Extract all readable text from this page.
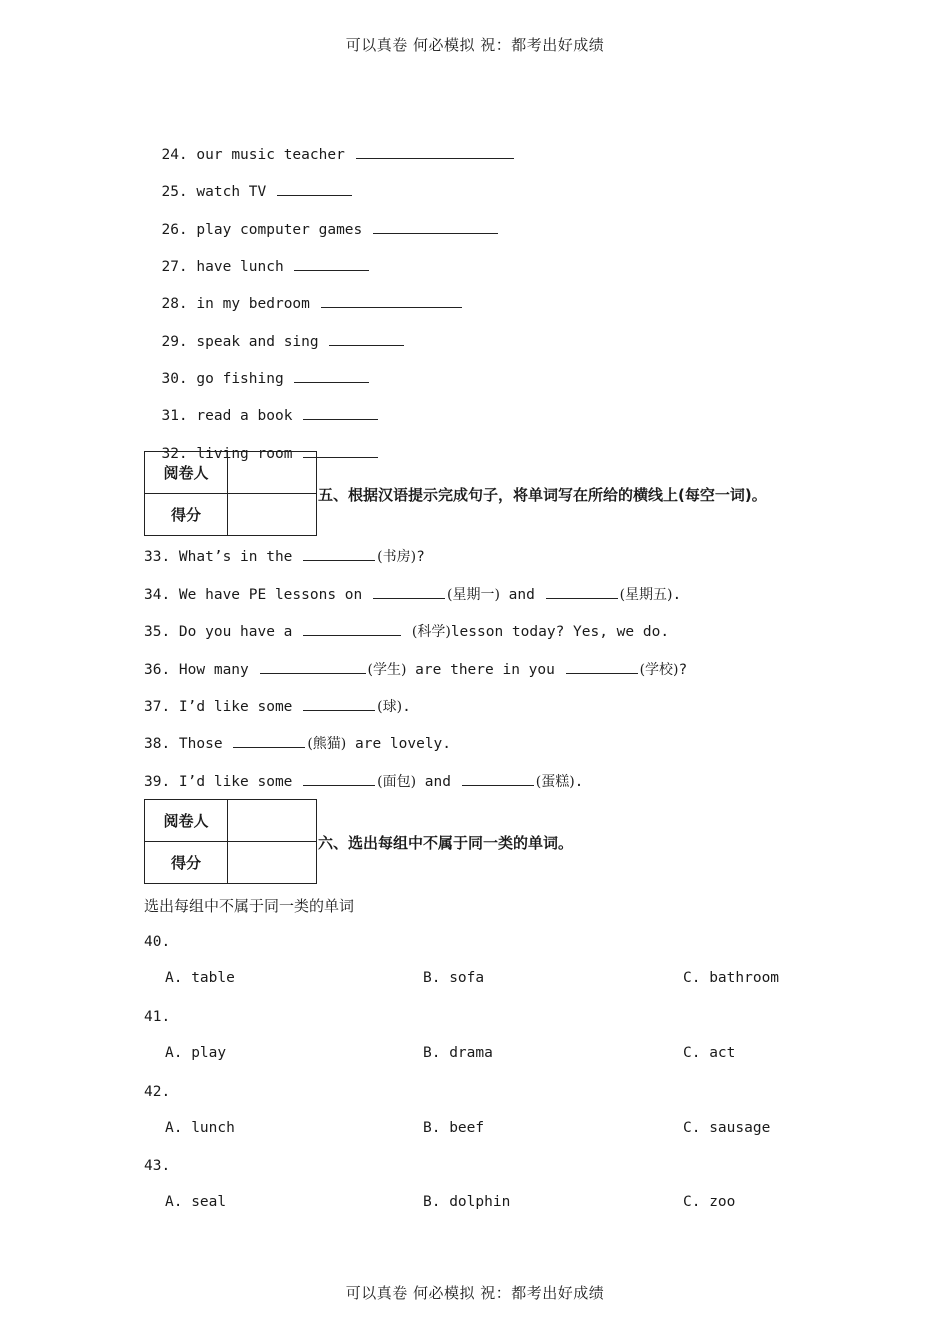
可以真卷 何必模拟 祝：都考出好成绩

24. our music teacher

25. watch TV

26. play computer games

27. have lunch

28. in my bedroom

29. speak and sing

30. go fishing

31. read a book

32. living room

阅卷人	
得分	
五、根据汉语提示完成句子，将单词写在所给的横线上(每空一词)。
33. What’s in the	(书房)?
34. We have PE lessons on	(星期一) and	(星期五).
35. Do you have a	(科学)lesson today? Yes, we do.
36. How many	(学生) are there in you	(学校)?
37. I’d like some	(球).
38. Those	(熊猫) are lovely.
39. I’d like some	(面包) and	(蛋糕).
阅卷人	
得分	
六、选出每组中不属于同一类的单词。
选出每组中不属于同一类的单词
40.
A. table	B. sofa	C. bathroom
41.
A. play	B. drama	C. act
42.
A. lunch	B. beef	C. sausage
43.
A. seal	B. dolphin	C. zoo
可以真卷 何必模拟 祝：都考出好成绩
